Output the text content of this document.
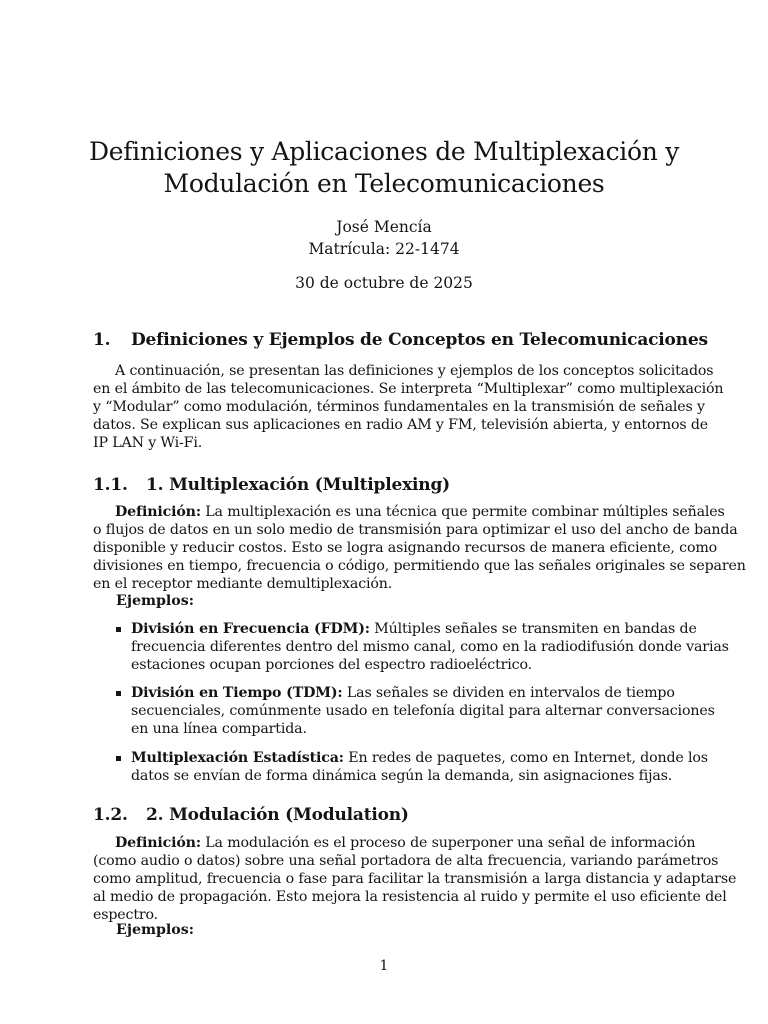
Definiciones y Aplicaciones de Multiplexación y
Modulación en Telecomunicaciones
José Mencía
Matrícula: 22-1474
30 de octubre de 2025
1. Definiciones y Ejemplos de Conceptos en Telecomunicaciones
A continuación, se presentan las definiciones y ejemplos de los conceptos solicitados
en el ámbito de las telecomunicaciones. Se interpreta “Multiplexar” como multiplexación
y “Modular” como modulación, términos fundamentales en la transmisión de señales y
datos. Se explican sus aplicaciones en radio AM y FM, televisión abierta, y entornos de
IP LAN y Wi-Fi.
1.1. 1. Multiplexación (Multiplexing)
Definición: La multiplexación es una técnica que permite combinar múltiples señales
o flujos de datos en un solo medio de transmisión para optimizar el uso del ancho de banda
disponible y reducir costos. Esto se logra asignando recursos de manera eficiente, como
divisiones en tiempo, frecuencia o código, permitiendo que las señales originales se separen
en el receptor mediante demultiplexación.
Ejemplos:
División en Frecuencia (FDM): Múltiples señales se transmiten en bandas de
frecuencia diferentes dentro del mismo canal, como en la radiodifusión donde varias
estaciones ocupan porciones del espectro radioeléctrico.
División en Tiempo (TDM): Las señales se dividen en intervalos de tiempo
secuenciales, comúnmente usado en telefonía digital para alternar conversaciones
en una línea compartida.
Multiplexación Estadística: En redes de paquetes, como en Internet, donde los
datos se envían de forma dinámica según la demanda, sin asignaciones fijas.
1.2. 2. Modulación (Modulation)
Definición: La modulación es el proceso de superponer una señal de información
(como audio o datos) sobre una señal portadora de alta frecuencia, variando parámetros
como amplitud, frecuencia o fase para facilitar la transmisión a larga distancia y adaptarse
al medio de propagación. Esto mejora la resistencia al ruido y permite el uso eficiente del
espectro.
Ejemplos:
1
